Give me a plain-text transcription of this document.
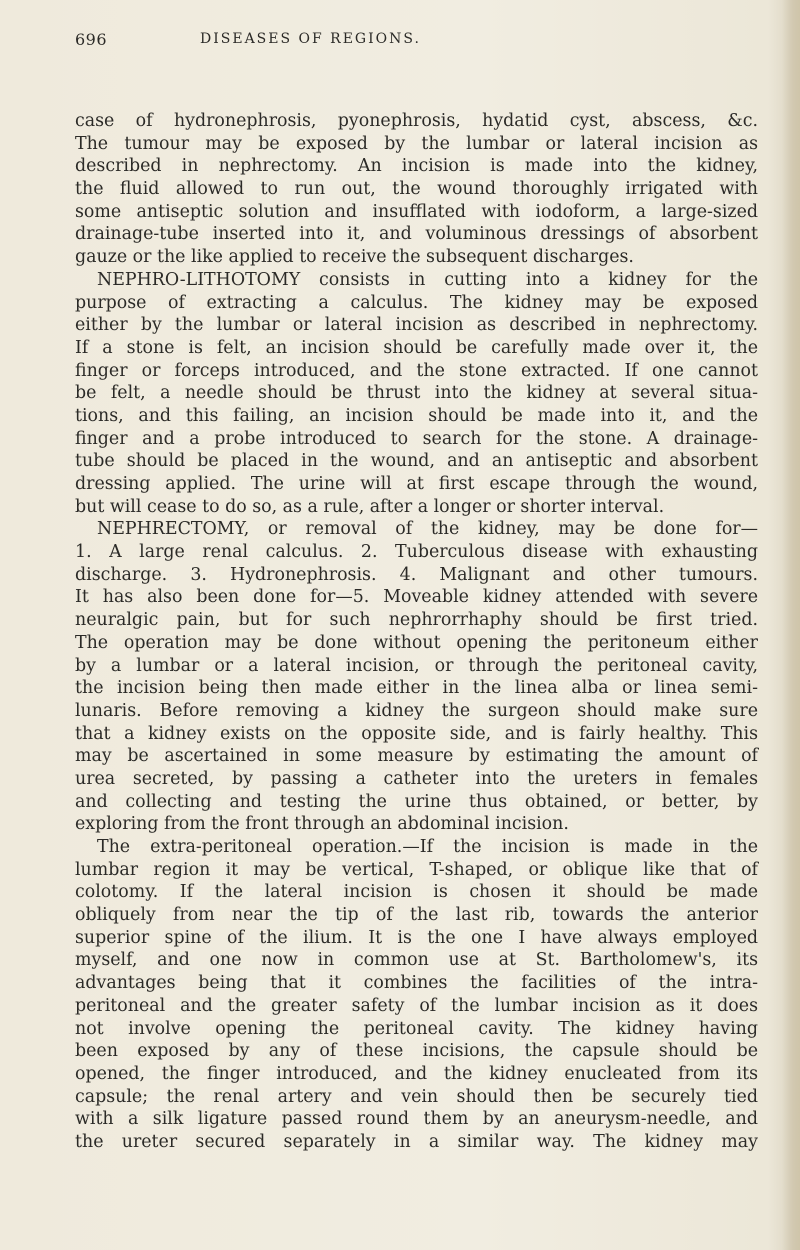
696	DISEASES OF REGIONS.
case of hydronephrosis, pyonephrosis, hydatid cyst, abscess, &c.
The tumour may be exposed by the lumbar or lateral incision as
described in nephrectomy. An incision is made into the kidney,
the fluid allowed to run out, the wound thoroughly irrigated with
some antiseptic solution and insufflated with iodoform, a large-sized
drainage-tube inserted into it, and voluminous dressings of absorbent
gauze or the like applied to receive the subsequent discharges.
NEPHRO-LITHOTOMY consists in cutting into a kidney for the
purpose of extracting a calculus. The kidney may be exposed
either by the lumbar or lateral incision as described in nephrectomy.
If a stone is felt, an incision should be carefully made over it, the
finger or forceps introduced, and the stone extracted. If one cannot
be felt, a needle should be thrust into the kidney at several situa-
tions, and this failing, an incision should be made into it, and the
finger and a probe introduced to search for the stone. A drainage-
tube should be placed in the wound, and an antiseptic and absorbent
dressing applied. The urine will at first escape through the wound,
but will cease to do so, as a rule, after a longer or shorter interval.
NEPHRECTOMY, or removal of the kidney, may be done for—
1. A large renal calculus. 2. Tuberculous disease with exhausting
discharge. 3. Hydronephrosis. 4. Malignant and other tumours.
It has also been done for—5. Moveable kidney attended with severe
neuralgic pain, but for such nephrorrhaphy should be first tried.
The operation may be done without opening the peritoneum either
by a lumbar or a lateral incision, or through the peritoneal cavity,
the incision being then made either in the linea alba or linea semi-
lunaris. Before removing a kidney the surgeon should make sure
that a kidney exists on the opposite side, and is fairly healthy. This
may be ascertained in some measure by estimating the amount of
urea secreted, by passing a catheter into the ureters in females
and collecting and testing the urine thus obtained, or better, by
exploring from the front through an abdominal incision.
The extra-peritoneal operation.—If the incision is made in the
lumbar region it may be vertical, T-shaped, or oblique like that of
colotomy. If the lateral incision is chosen it should be made
obliquely from near the tip of the last rib, towards the anterior
superior spine of the ilium. It is the one I have always employed
myself, and one now in common use at St. Bartholomew's, its
advantages being that it combines the facilities of the intra-
peritoneal and the greater safety of the lumbar incision as it does
not involve opening the peritoneal cavity. The kidney having
been exposed by any of these incisions, the capsule should be
opened, the finger introduced, and the kidney enucleated from its
capsule; the renal artery and vein should then be securely tied
with a silk ligature passed round them by an aneurysm-needle, and
the ureter secured separately in a similar way. The kidney may
